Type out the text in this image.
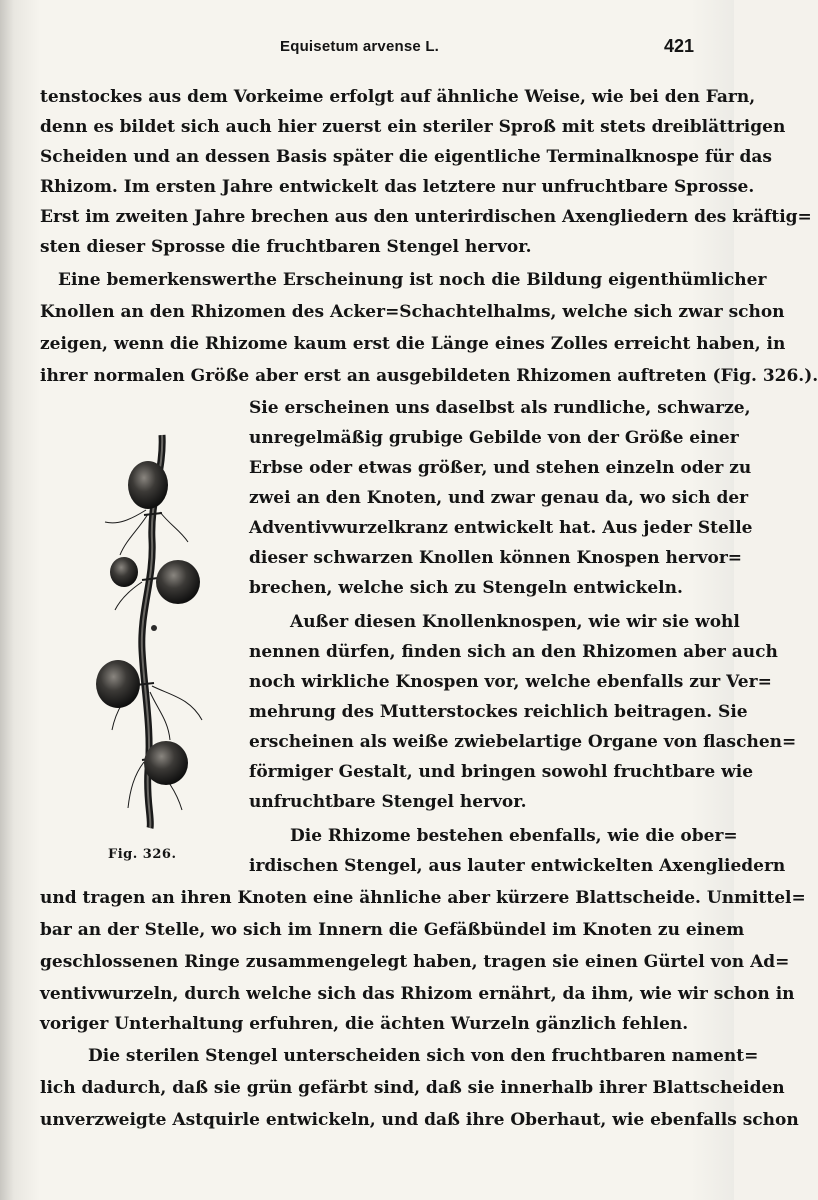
Equisetum arvense L.	421
tenstockes aus dem Vorkeime erfolgt auf ähnliche Weise, wie bei den Farn,
denn es bildet sich auch hier zuerst ein steriler Sproß mit stets dreiblättrigen
Scheiden und an dessen Basis später die eigentliche Terminalknospe für das
Rhizom. Im ersten Jahre entwickelt das letztere nur unfruchtbare Sprosse.
Erst im zweiten Jahre brechen aus den unterirdischen Axengliedern des kräftig=
sten dieser Sprosse die fruchtbaren Stengel hervor.
Eine bemerkenswerthe Erscheinung ist noch die Bildung eigenthümlicher
Knollen an den Rhizomen des Acker=Schachtelhalms, welche sich zwar schon
zeigen, wenn die Rhizome kaum erst die Länge eines Zolles erreicht haben, in
ihrer normalen Größe aber erst an ausgebildeten Rhizomen auftreten (Fig. 326.).
Sie erscheinen uns daselbst als rundliche, schwarze,
unregelmäßig grubige Gebilde von der Größe einer
Erbse oder etwas größer, und stehen einzeln oder zu
zwei an den Knoten, und zwar genau da, wo sich der
Adventivwurzelkranz entwickelt hat. Aus jeder Stelle
dieser schwarzen Knollen können Knospen hervor=
brechen, welche sich zu Stengeln entwickeln.
Außer diesen Knollenknospen, wie wir sie wohl
nennen dürfen, finden sich an den Rhizomen aber auch
noch wirkliche Knospen vor, welche ebenfalls zur Ver=
mehrung des Mutterstockes reichlich beitragen. Sie
erscheinen als weiße zwiebelartige Organe von flaschen=
förmiger Gestalt, und bringen sowohl fruchtbare wie
unfruchtbare Stengel hervor.
Die Rhizome bestehen ebenfalls, wie die ober=
irdischen Stengel, aus lauter entwickelten Axengliedern
und tragen an ihren Knoten eine ähnliche aber kürzere Blattscheide. Unmittel=
bar an der Stelle, wo sich im Innern die Gefäßbündel im Knoten zu einem
geschlossenen Ringe zusammengelegt haben, tragen sie einen Gürtel von Ad=
ventivwurzeln, durch welche sich das Rhizom ernährt, da ihm, wie wir schon in
voriger Unterhaltung erfuhren, die ächten Wurzeln gänzlich fehlen.
Die sterilen Stengel unterscheiden sich von den fruchtbaren nament=
lich dadurch, daß sie grün gefärbt sind, daß sie innerhalb ihrer Blattscheiden
unverzweigte Astquirle entwickeln, und daß ihre Oberhaut, wie ebenfalls schon
Fig. 326.
